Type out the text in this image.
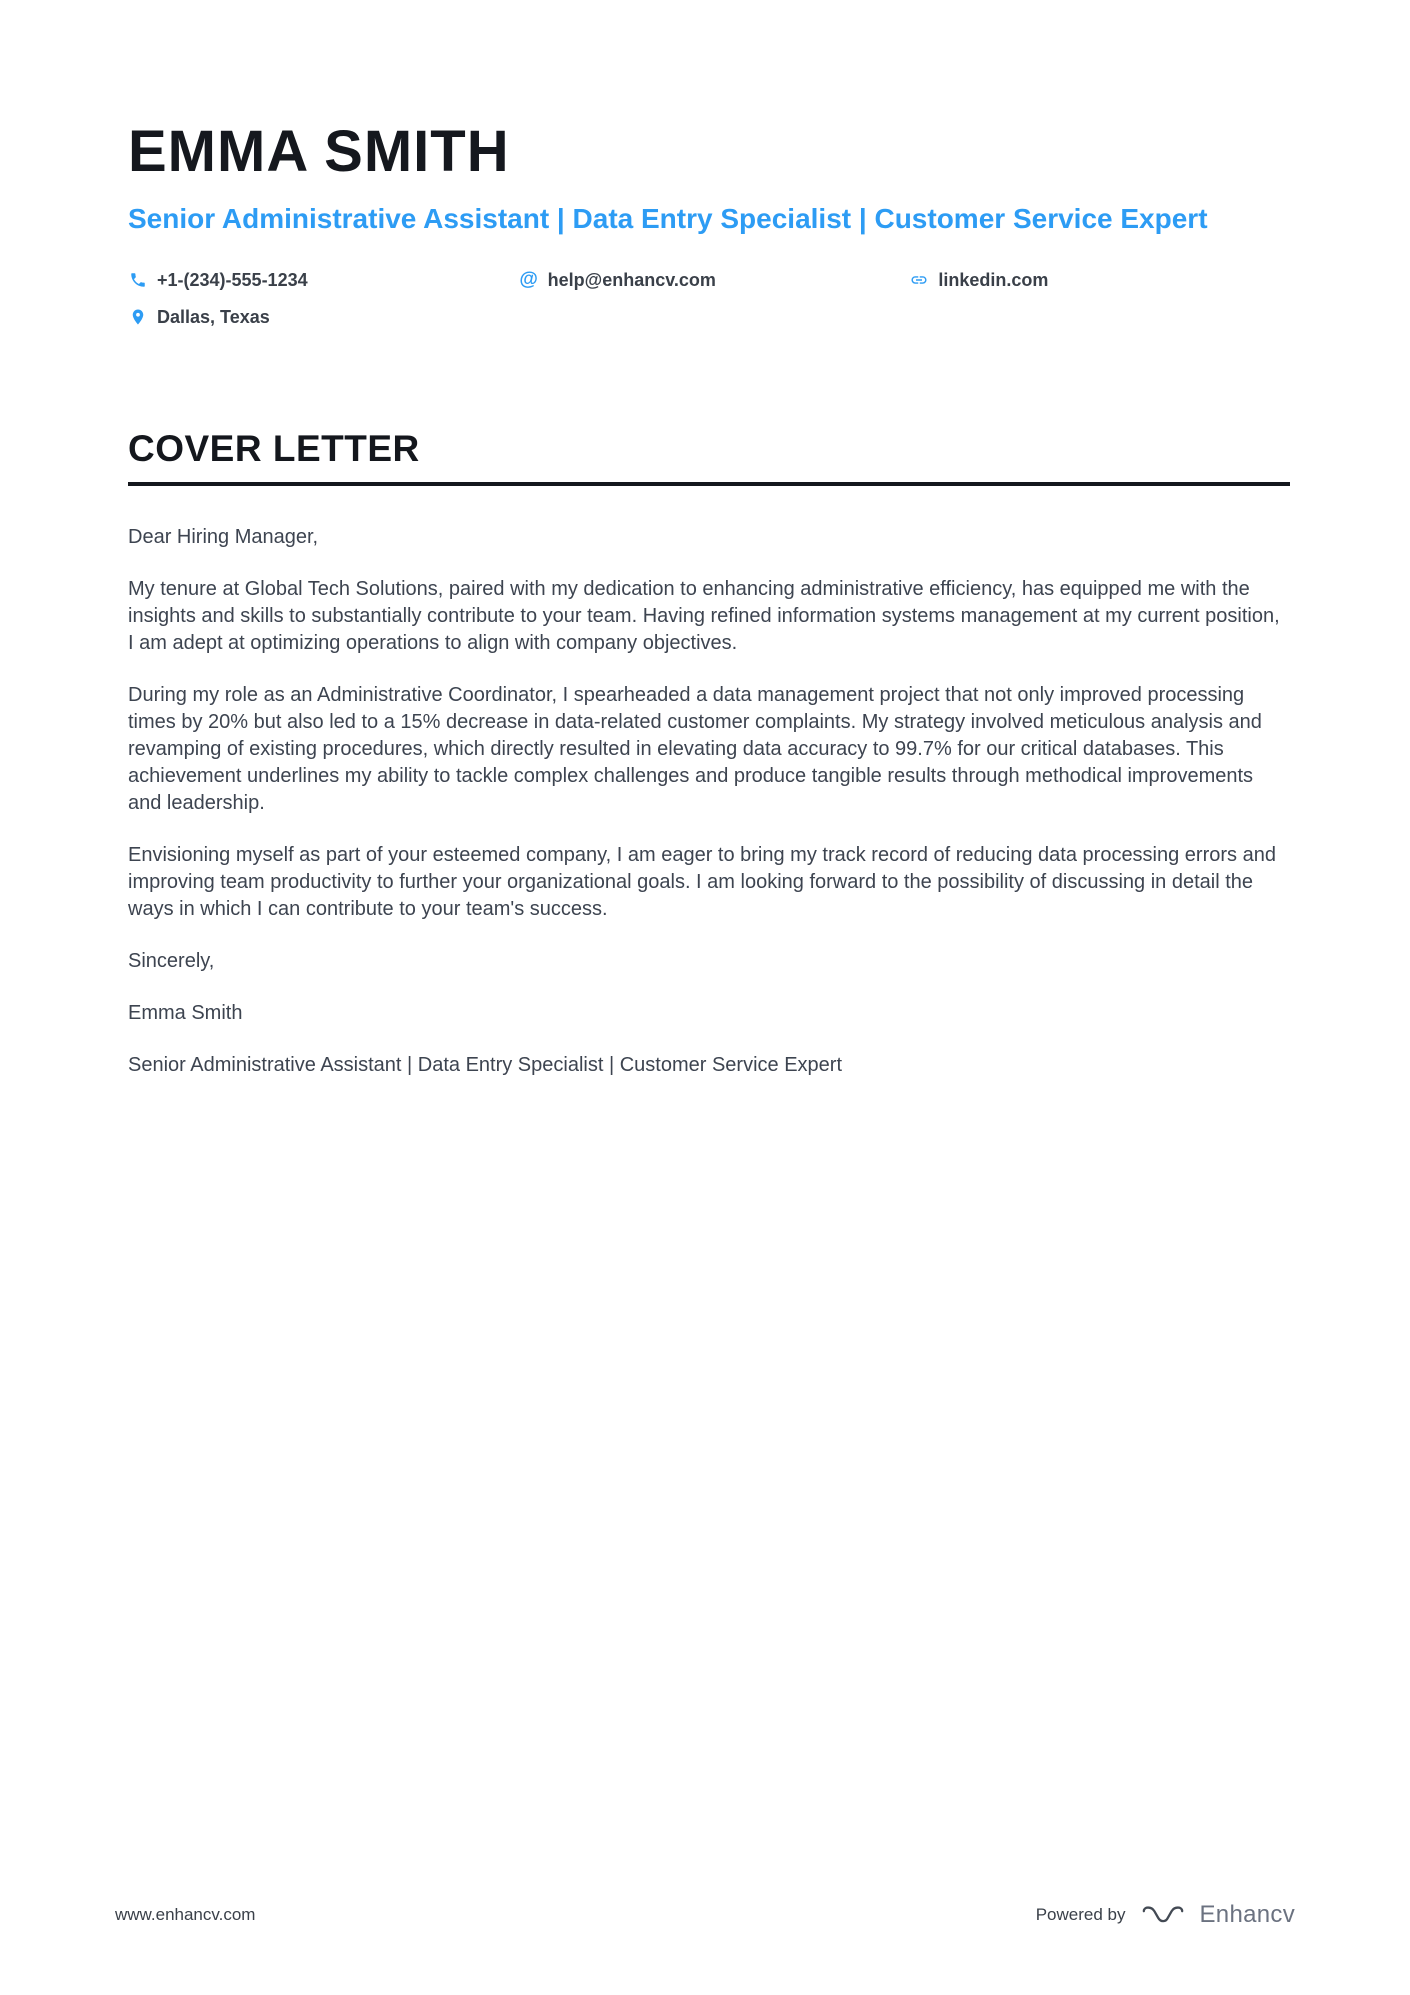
EMMA SMITH
Senior Administrative Assistant | Data Entry Specialist | Customer Service Expert
+1-(234)-555-1234	@ help@enhancv.com	linkedin.com
Dallas, Texas
COVER LETTER

Dear Hiring Manager,

My tenure at Global Tech Solutions, paired with my dedication to enhancing administrative efficiency, has equipped me with the insights and skills to substantially contribute to your team. Having refined information systems management at my current position, I am adept at optimizing operations to align with company objectives.

During my role as an Administrative Coordinator, I spearheaded a data management project that not only improved processing times by 20% but also led to a 15% decrease in data-related customer complaints. My strategy involved meticulous analysis and revamping of existing procedures, which directly resulted in elevating data accuracy to 99.7% for our critical databases. This achievement underlines my ability to tackle complex challenges and produce tangible results through methodical improvements and leadership.

Envisioning myself as part of your esteemed company, I am eager to bring my track record of reducing data processing errors and improving team productivity to further your organizational goals. I am looking forward to the possibility of discussing in detail the ways in which I can contribute to your team's success.

Sincerely,

Emma Smith

Senior Administrative Assistant | Data Entry Specialist | Customer Service Expert

www.enhancv.com	Powered by	Enhancv
